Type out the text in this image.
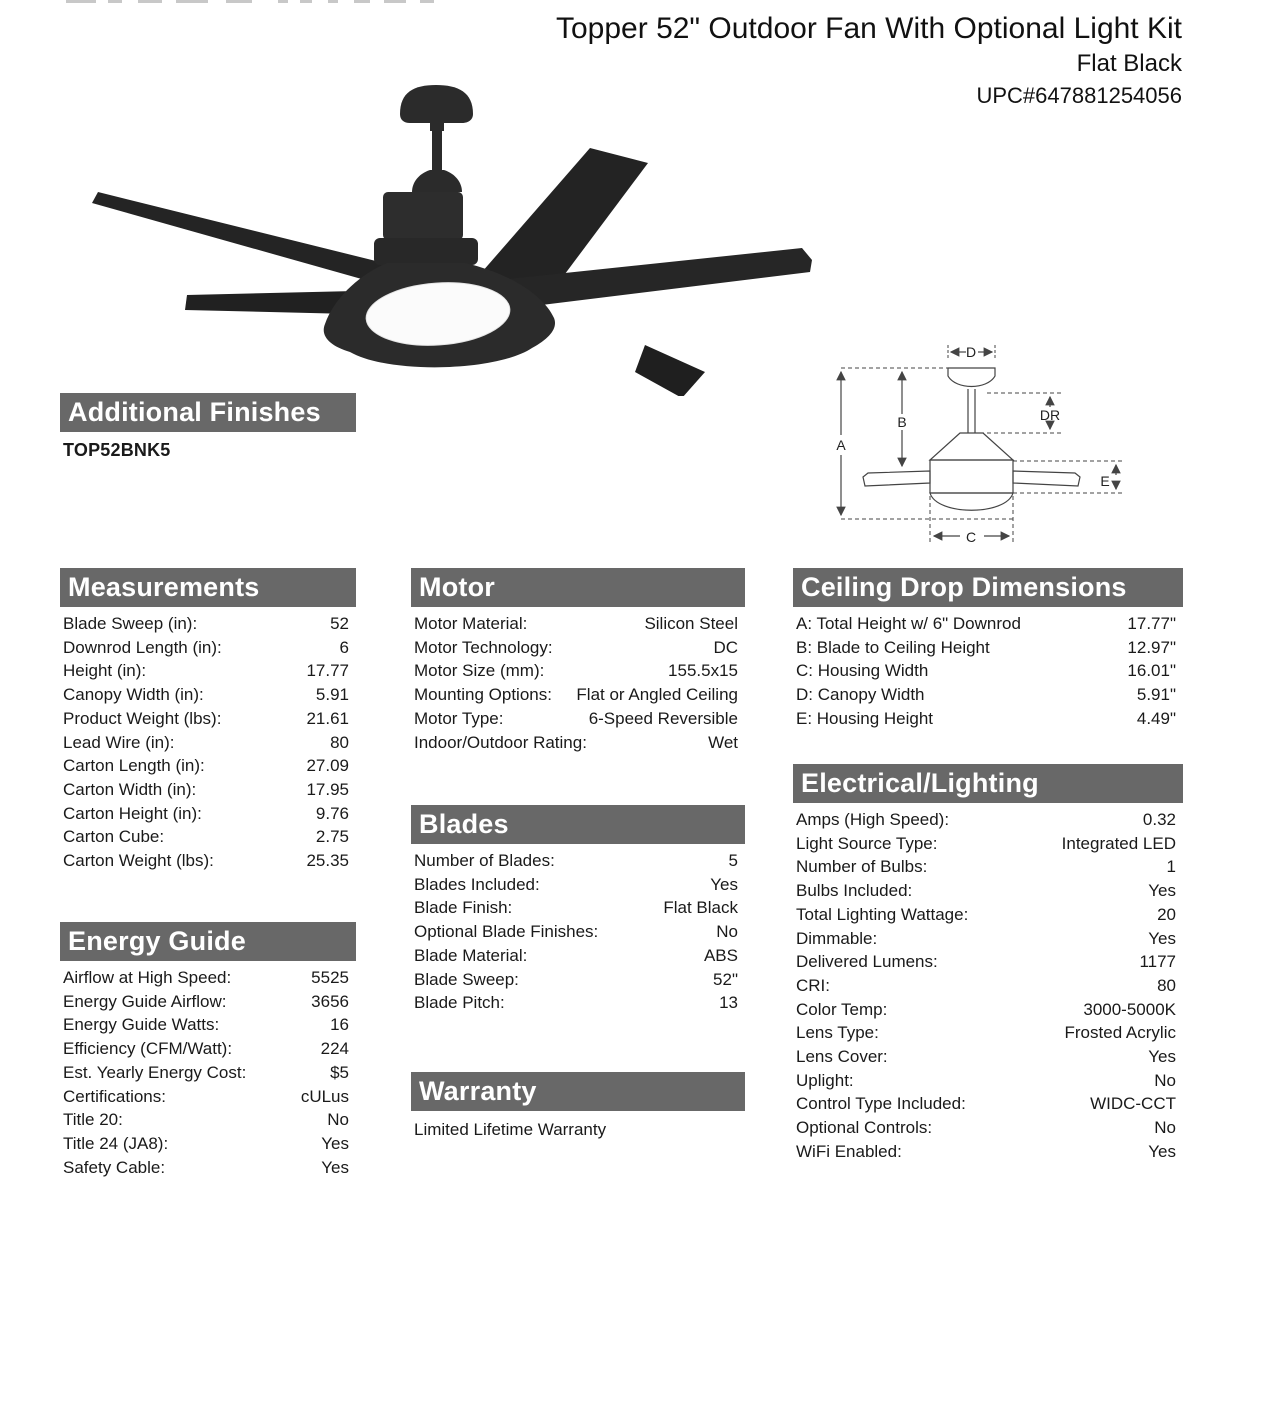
Topper 52" Outdoor Fan With Optional Light Kit
Flat Black
UPC#647881254056
D
A
B	DR
E
C
Additional Finishes
TOP52BNK5
Measurements
Blade Sweep (in):	52
Downrod Length (in):	6
Height (in):	17.77
Canopy Width (in):	5.91
Product Weight (lbs):	21.61
Lead Wire (in):	80
Carton Length (in):	27.09
Carton Width (in):	17.95
Carton Height (in):	9.76
Carton Cube:	2.75
Carton Weight (lbs):	25.35
Energy Guide
Airflow at High Speed:	5525
Energy Guide Airflow:	3656
Energy Guide Watts:	16
Efficiency (CFM/Watt):	224
Est. Yearly Energy Cost:	$5
Certifications:	cULus
Title 20:	No
Title 24 (JA8):	Yes
Safety Cable:	Yes
Motor
Motor Material:	Silicon Steel
Motor Technology:	DC
Motor Size (mm):	155.5x15
Mounting Options: Flat or Angled Ceiling
Motor Type:	6-Speed Reversible
Indoor/Outdoor Rating:	Wet
Blades
Number of Blades:	5
Blades Included:	Yes
Blade Finish:	Flat Black
Optional Blade Finishes:	No
Blade Material:	ABS
Blade Sweep:	52"
Blade Pitch:	13
Warranty
Limited Lifetime Warranty
Ceiling Drop Dimensions
A: Total Height w/ 6" Downrod	17.77"
B: Blade to Ceiling Height	12.97"
C: Housing Width	16.01"
D: Canopy Width	5.91"
E: Housing Height	4.49"
Electrical/Lighting
Amps (High Speed):	0.32
Light Source Type:	Integrated LED
Number of Bulbs:	1
Bulbs Included:	Yes
Total Lighting Wattage:	20
Dimmable:	Yes
Delivered Lumens:	1177
CRI:	80
Color Temp:	3000-5000K
Lens Type:	Frosted Acrylic
Lens Cover:	Yes
Uplight:	No
Control Type Included:	WIDC-CCT
Optional Controls:	No
WiFi Enabled:	Yes
